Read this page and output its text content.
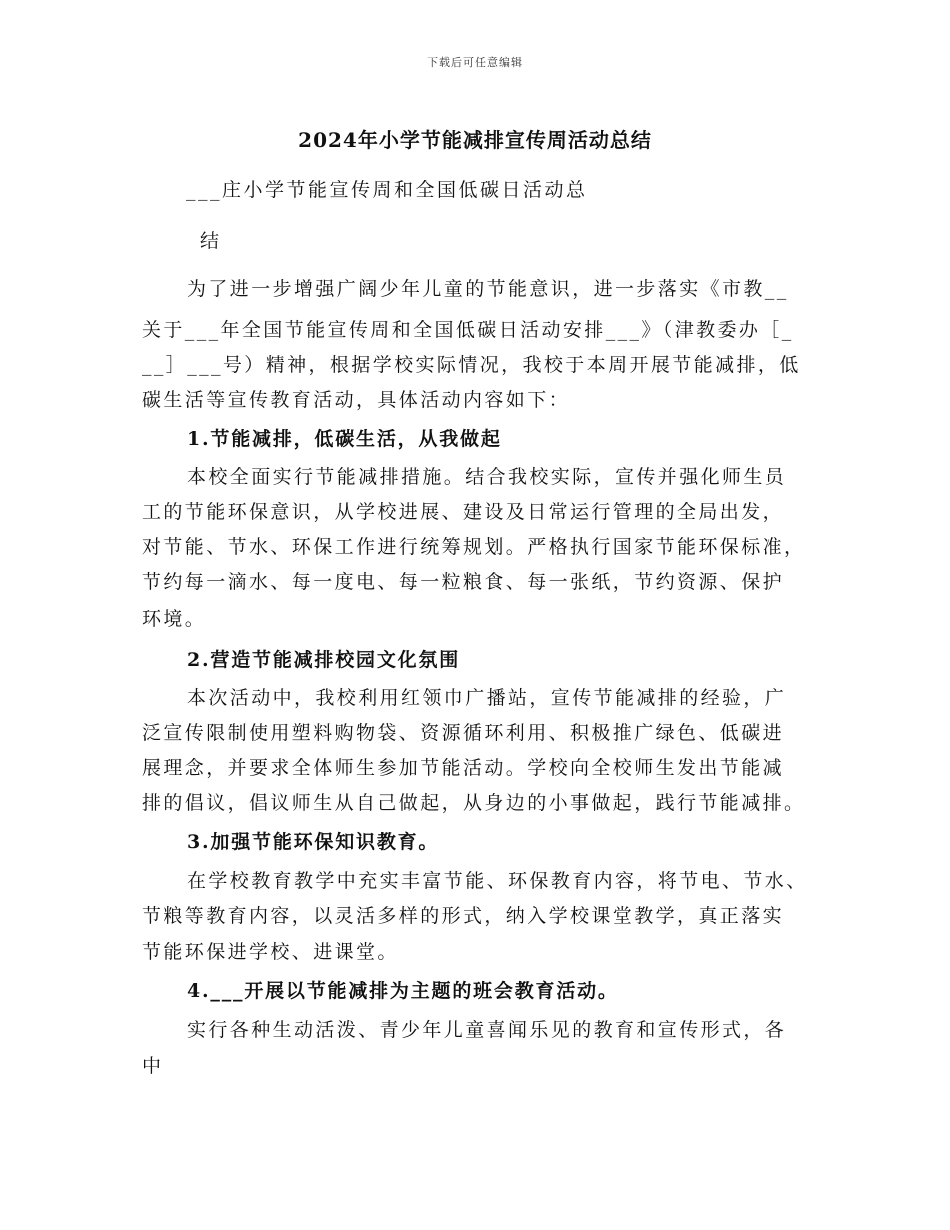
下载后可任意编辑
2024年小学节能减排宣传周活动总结
___庄小学节能宣传周和全国低碳日活动总
结
为了进一步增强广阔少年儿童的节能意识，进一步落实《市教__
关于___年全国节能宣传周和全国低碳日活动安排___》（津教委办［_
__］___号）精神，根据学校实际情况，我校于本周开展节能减排，低
碳生活等宣传教育活动，具体活动内容如下：
1.节能减排，低碳生活，从我做起
本校全面实行节能减排措施。结合我校实际，宣传并强化师生员
工的节能环保意识，从学校进展、建设及日常运行管理的全局出发，
对节能、节水、环保工作进行统筹规划。严格执行国家节能环保标准，
节约每一滴水、每一度电、每一粒粮食、每一张纸，节约资源、保护
环境。
2.营造节能减排校园文化氛围
本次活动中，我校利用红领巾广播站，宣传节能减排的经验，广
泛宣传限制使用塑料购物袋、资源循环利用、积极推广绿色、低碳进
展理念，并要求全体师生参加节能活动。学校向全校师生发出节能减
排的倡议，倡议师生从自己做起，从身边的小事做起，践行节能减排。
3.加强节能环保知识教育。
在学校教育教学中充实丰富节能、环保教育内容，将节电、节水、
节粮等教育内容，以灵活多样的形式，纳入学校课堂教学，真正落实
节能环保进学校、进课堂。
4.___开展以节能减排为主题的班会教育活动。
实行各种生动活泼、青少年儿童喜闻乐见的教育和宣传形式，各
中
